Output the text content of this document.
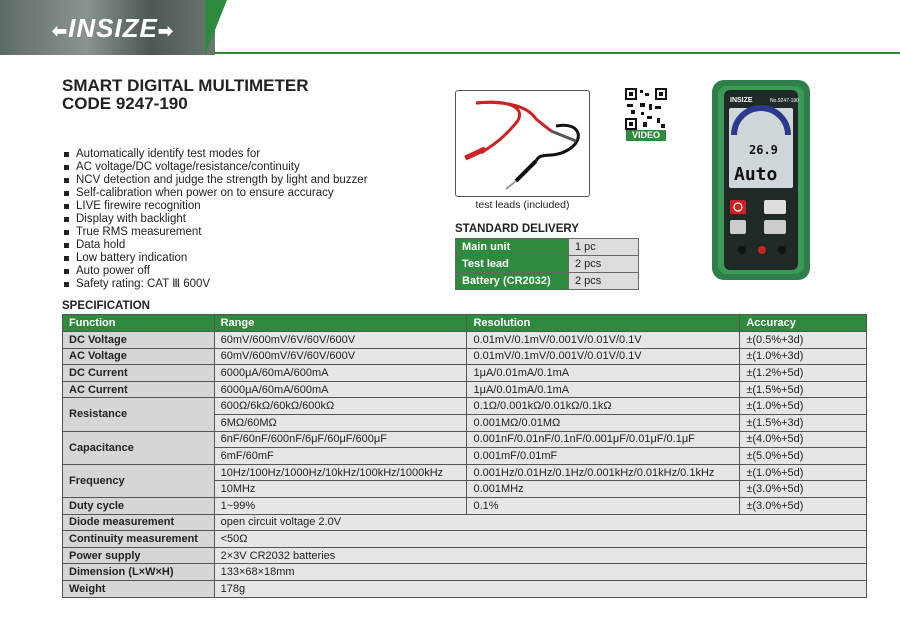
⬅INSIZE➡
SMART DIGITAL MULTIMETER
CODE 9247-190
Automatically identify test modes for
AC voltage/DC voltage/resistance/continuity
NCV detection and judge the strength by light and buzzer
Self-calibration when power on to ensure accuracy
LIVE firewire recognition
Display with backlight
True RMS measurement
Data hold
Low battery indication
Auto power off
Safety rating: CAT Ⅲ 600V
test leads (included)
VIDEO
INSIZE	No.9247-190
26.9
Auto
STANDARD DELIVERY
Main unit	1 pc
Test lead	2 pcs
Battery (CR2032)	2 pcs
SPECIFICATION
Function	Range	Resolution	Accuracy
DC Voltage	60mV/600mV/6V/60V/600V	0.01mV/0.1mV/0.001V/0.01V/0.1V	±(0.5%+3d)
AC Voltage	60mV/600mV/6V/60V/600V	0.01mV/0.1mV/0.001V/0.01V/0.1V	±(1.0%+3d)
DC Current	6000μA/60mA/600mA	1μA/0.01mA/0.1mA	±(1.2%+5d)
AC Current	6000μA/60mA/600mA	1μA/0.01mA/0.1mA	±(1.5%+5d)
Resistance	600Ω/6kΩ/60kΩ/600kΩ	0.1Ω/0.001kΩ/0.01kΩ/0.1kΩ	±(1.0%+5d)
	6MΩ/60MΩ	0.001MΩ/0.01MΩ	±(1.5%+3d)
Capacitance	6nF/60nF/600nF/6μF/60μF/600μF	0.001nF/0.01nF/0.1nF/0.001μF/0.01μF/0.1μF	±(4.0%+5d)
	6mF/60mF	0.001mF/0.01mF	±(5.0%+5d)
Frequency	10Hz/100Hz/1000Hz/10kHz/100kHz/1000kHz	0.001Hz/0.01Hz/0.1Hz/0.001kHz/0.01kHz/0.1kHz	±(1.0%+5d)
	10MHz	0.001MHz	±(3.0%+5d)
Duty cycle	1~99%	0.1%	±(3.0%+5d)
Diode measurement	open circuit voltage 2.0V		
Continuity measurement	<50Ω		
Power supply	2×3V CR2032 batteries		
Dimension (L×W×H)	133×68×18mm		
Weight	178g		
